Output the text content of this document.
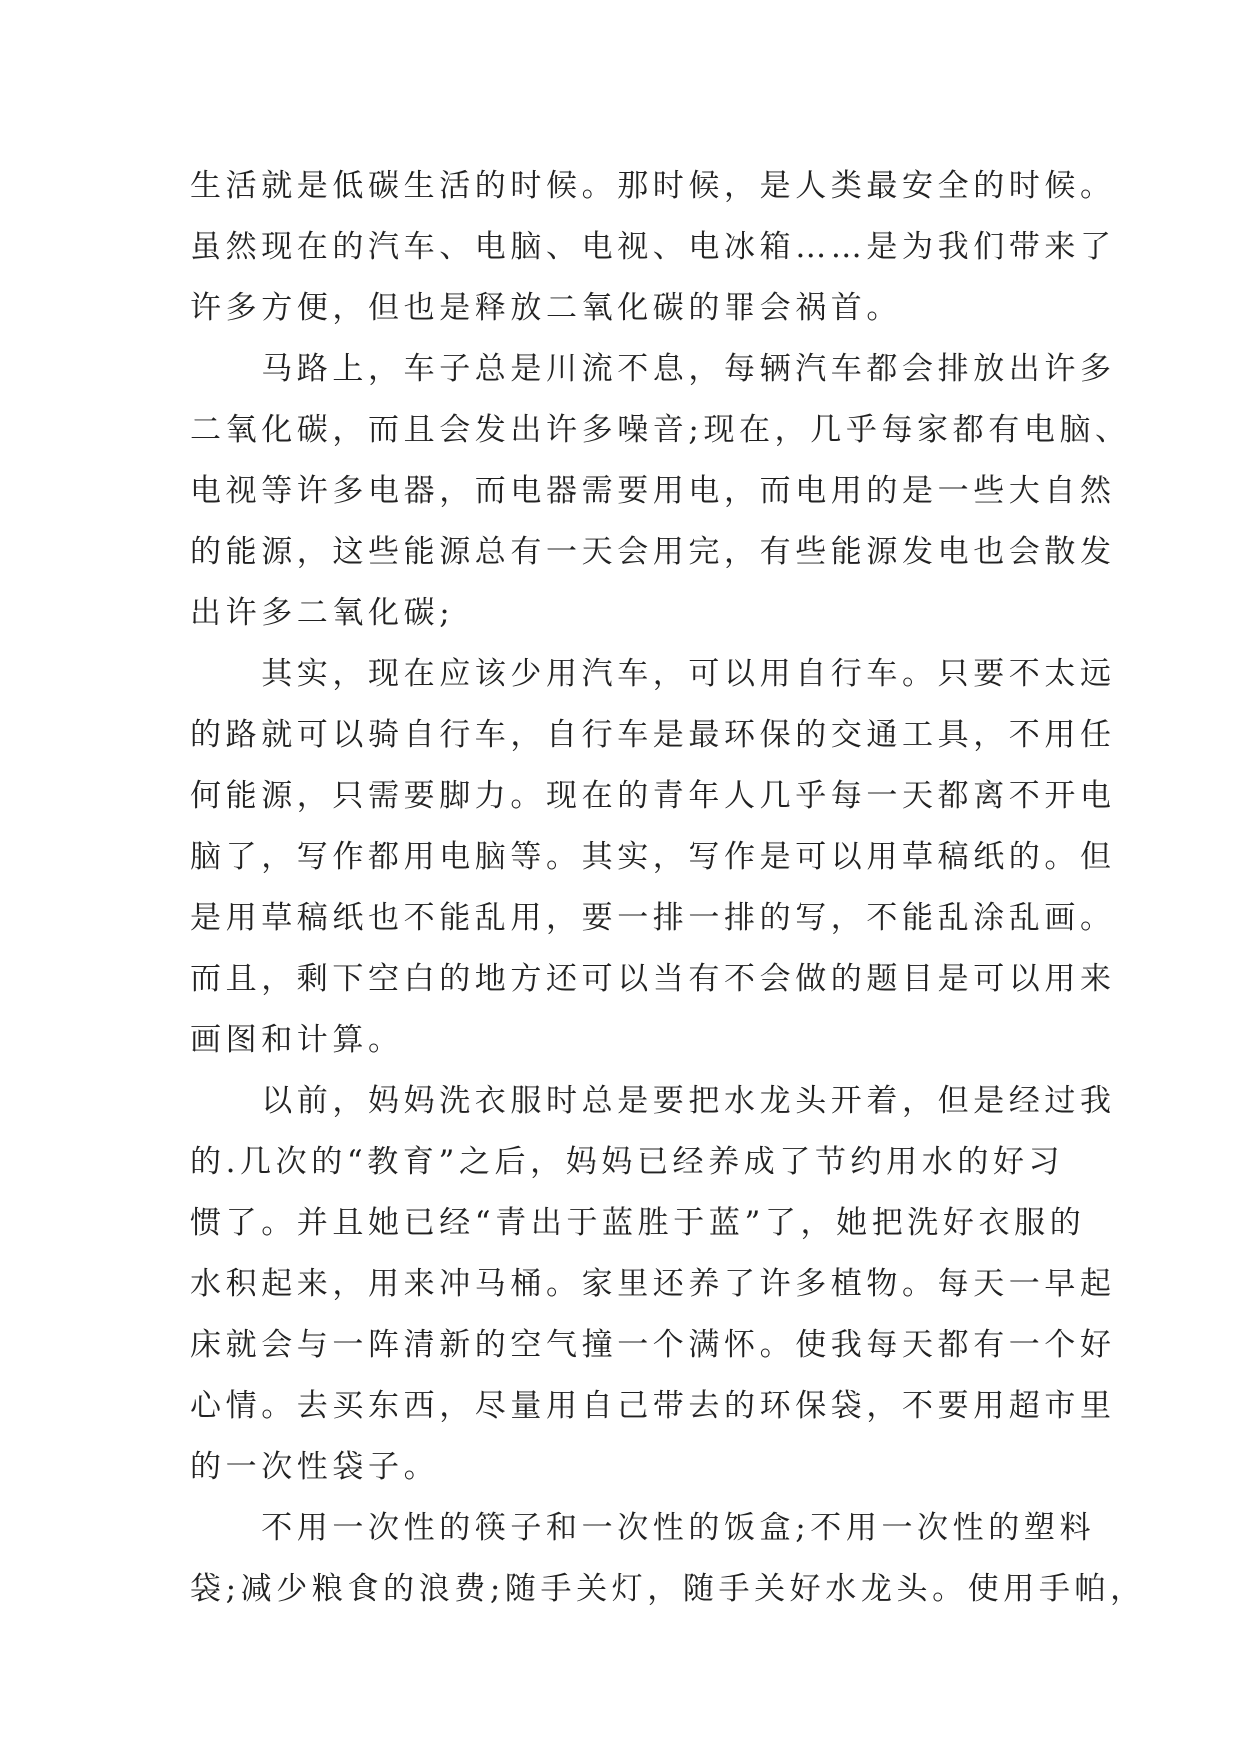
生活就是低碳生活的时候。那时候，是人类最安全的时候。
虽然现在的汽车、电脑、电视、电冰箱……是为我们带来了
许多方便，但也是释放二氧化碳的罪会祸首。

　　马路上，车子总是川流不息，每辆汽车都会排放出许多
二氧化碳，而且会发出许多噪音;现在，几乎每家都有电脑、
电视等许多电器，而电器需要用电，而电用的是一些大自然
的能源，这些能源总有一天会用完，有些能源发电也会散发
出许多二氧化碳;

　　其实，现在应该少用汽车，可以用自行车。只要不太远
的路就可以骑自行车，自行车是最环保的交通工具，不用任
何能源，只需要脚力。现在的青年人几乎每一天都离不开电
脑了，写作都用电脑等。其实，写作是可以用草稿纸的。但
是用草稿纸也不能乱用，要一排一排的写，不能乱涂乱画。
而且，剩下空白的地方还可以当有不会做的题目是可以用来
画图和计算。

　　以前，妈妈洗衣服时总是要把水龙头开着，但是经过我
的.几次的“教育”之后，妈妈已经养成了节约用水的好习
惯了。并且她已经“青出于蓝胜于蓝”了，她把洗好衣服的
水积起来，用来冲马桶。家里还养了许多植物。每天一早起
床就会与一阵清新的空气撞一个满怀。使我每天都有一个好
心情。去买东西，尽量用自己带去的环保袋，不要用超市里
的一次性袋子。

　　不用一次性的筷子和一次性的饭盒;不用一次性的塑料
袋;减少粮食的浪费;随手关灯，随手关好水龙头。使用手帕，
